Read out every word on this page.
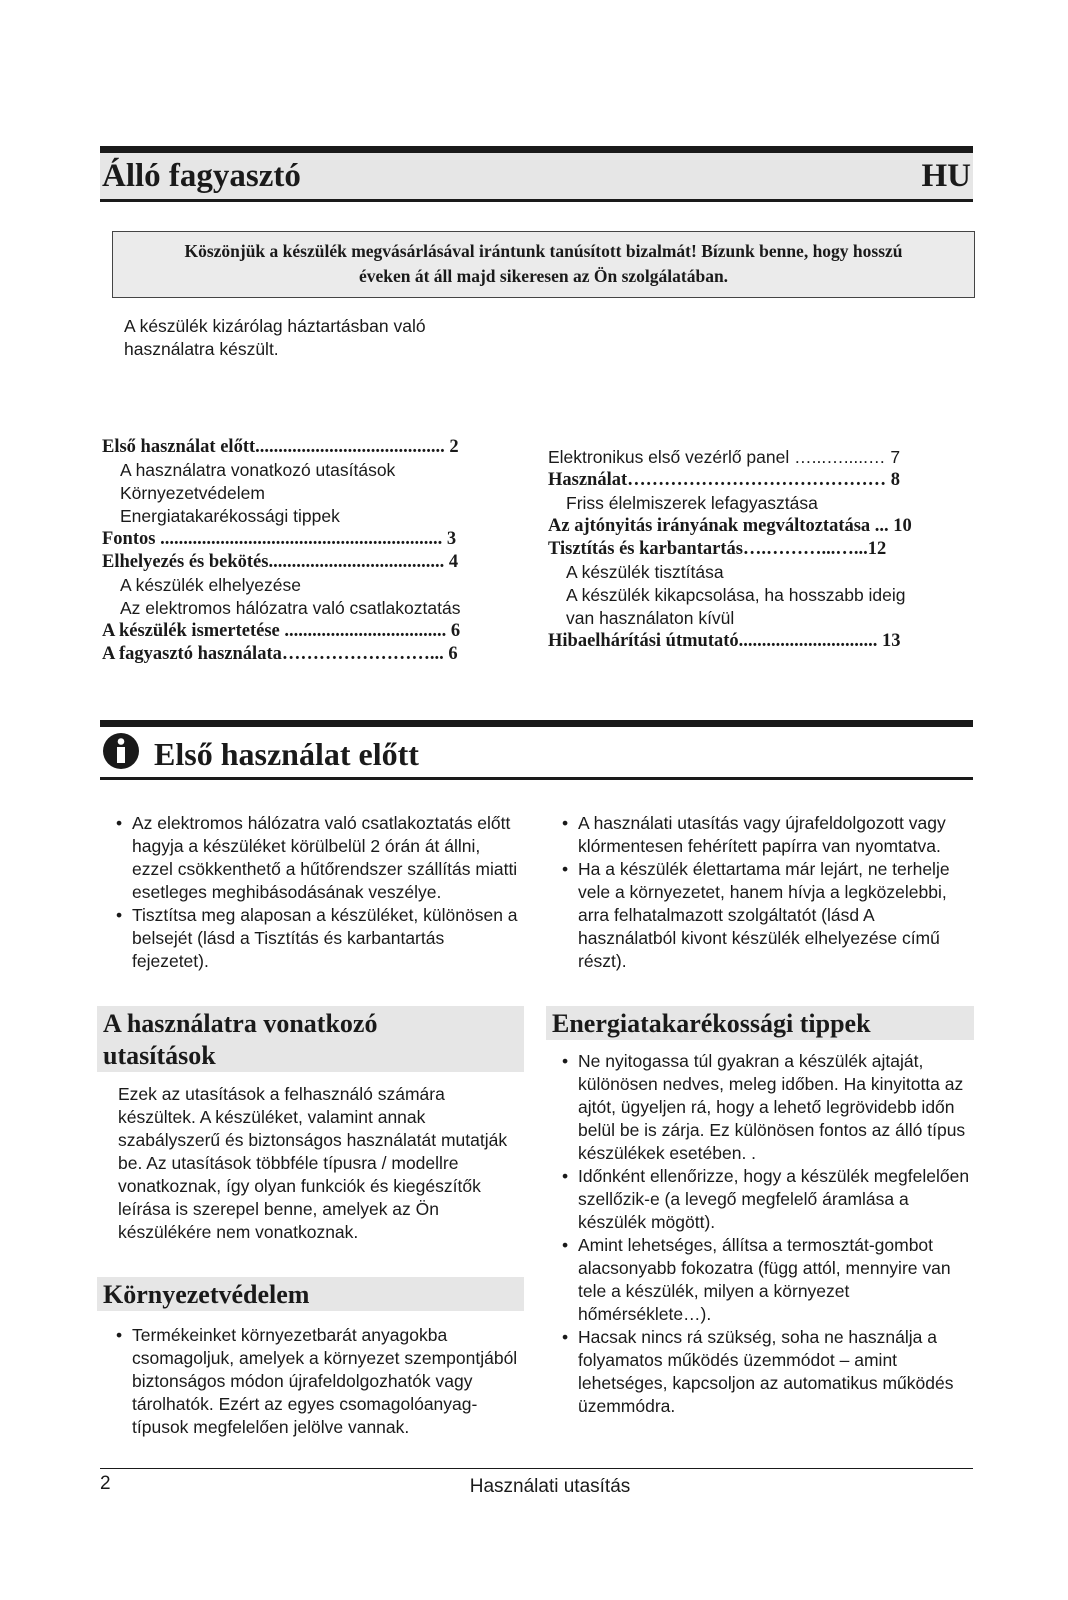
Álló fagyasztó	HU
Köszönjük a készülék megvásárlásával irántunk tanúsított bizalmát! Bízunk benne, hogy hosszú
éveken át áll majd sikeresen az Ön szolgálatában.
A készülék kizárólag háztartásban való
használatra készült.
Első használat előtt......................................... 2
A használatra vonatkozó utasítások
Környezetvédelem
Energiatakarékossági tippek
Fontos ............................................................. 3
Elhelyezés és bekötés...................................... 4
A készülék elhelyezése
Az elektromos hálózatra való csatlakoztatás
A készülék ismertetése ................................... 6
A fagyasztó használata……………………... 6
Elektronikus első vezérlő panel …...….....… 7
Használat…………………………………… 8
Friss élelmiszerek lefagyasztása
Az ajtónyitás irányának megváltoztatása ... 10
Tisztítás és karbantartás….………...…...12
A készülék tisztítása
A készülék kikapcsolása, ha hosszabb ideig
van használaton kívül
Hibaelhárítási útmutató.............................. 13
Első használat előtt
• Az elektromos hálózatra való csatlakoztatás előtt hagyja a készüléket körülbelül 2 órán át állni, ezzel csökkenthető a hűtőrendszer szállítás miatti esetleges meghibásodásának veszélye.
• Tisztítsa meg alaposan a készüléket, különösen a belsejét (lásd a Tisztítás és karbantartás fejezetet).
A használatra vonatkozó
utasítások
Ezek az utasítások a felhasználó számára készültek. A készüléket, valamint annak szabályszerű és biztonságos használatát mutatják be. Az utasítások többféle típusra / modellre vonatkoznak, így olyan funkciók és kiegészítők leírása is szerepel benne, amelyek az Ön készülékére nem vonatkoznak.
Környezetvédelem
• Termékeinket környezetbarát anyagokba csomagoljuk, amelyek a környezet szempontjából biztonságos módon újrafeldolgozhatók vagy tárolhatók. Ezért az egyes csomagolóanyag-típusok megfelelően jelölve vannak.
• A használati utasítás vagy újrafeldolgozott vagy klórmentesen fehérített papírra van nyomtatva.
• Ha a készülék élettartama már lejárt, ne terhelje vele a környezetet, hanem hívja a legközelebbi, arra felhatalmazott szolgáltatót (lásd A használatból kivont készülék elhelyezése című részt).
Energiatakarékossági tippek
• Ne nyitogassa túl gyakran a készülék ajtaját, különösen nedves, meleg időben. Ha kinyitotta az ajtót, ügyeljen rá, hogy a lehető legrövidebb időn belül be is zárja. Ez különösen fontos az álló típus készülékek esetében. .
• Időnként ellenőrizze, hogy a készülék megfelelően szellőzik-e (a levegő megfelelő áramlása a készülék mögött).
• Amint lehetséges, állítsa a termosztát-gombot alacsonyabb fokozatra (függ attól, mennyire van tele a készülék, milyen a környezet hőmérséklete…).
• Hacsak nincs rá szükség, soha ne használja a folyamatos működés üzemmódot – amint lehetséges, kapcsoljon az automatikus működés üzemmódra.
2	Használati utasítás
